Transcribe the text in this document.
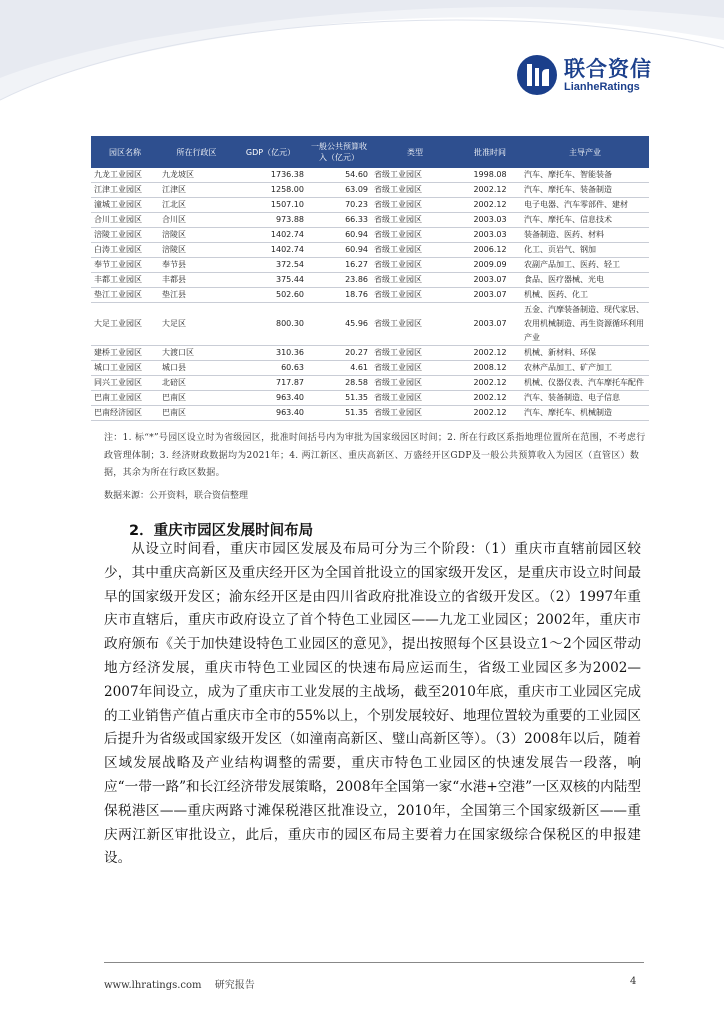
联合资信
LianheRatings
园区名称	所在行政区	GDP（亿元）	一般公共预算收入（亿元）	类型	批准时间	主导产业
九龙工业园区	九龙坡区	1736.38	54.60	省级工业园区	1998.08	汽车、摩托车、智能装备
江津工业园区	江津区	1258.00	63.09	省级工业园区	2002.12	汽车、摩托车、装备制造
潼城工业园区	江北区	1507.10	70.23	省级工业园区	2002.12	电子电器、汽车零部件、建材
合川工业园区	合川区	973.88	66.33	省级工业园区	2003.03	汽车、摩托车、信息技术
涪陵工业园区	涪陵区	1402.74	60.94	省级工业园区	2003.03	装备制造、医药、材料
白涛工业园区	涪陵区	1402.74	60.94	省级工业园区	2006.12	化工、页岩气、钢加
奉节工业园区	奉节县	372.54	16.27	省级工业园区	2009.09	农副产品加工、医药、轻工
丰都工业园区	丰都县	375.44	23.86	省级工业园区	2003.07	食品、医疗器械、光电
垫江工业园区	垫江县	502.60	18.76	省级工业园区	2003.07	机械、医药、化工
大足工业园区	大足区	800.30	45.96	省级工业园区	2003.07	五金、汽摩装备制造、现代家居、农用机械制造、再生资源循环利用产业
建桥工业园区	大渡口区	310.36	20.27	省级工业园区	2002.12	机械、新材料、环保
城口工业园区	城口县	60.63	4.61	省级工业园区	2008.12	农林产品加工、矿产加工
同兴工业园区	北碚区	717.87	28.58	省级工业园区	2002.12	机械、仪器仪表、汽车摩托车配件
巴南工业园区	巴南区	963.40	51.35	省级工业园区	2002.12	汽车、装备制造、电子信息
巴南经济园区	巴南区	963.40	51.35	省级工业园区	2002.12	汽车、摩托车、机械制造
注：1. 标“*”号园区设立时为省级园区，批准时间括号内为审批为国家级园区时间；2. 所在行政区系指地理位置所在范围，不考虑行政管理体制；3. 经济财政数据均为2021年；4. 两江新区、重庆高新区、万盛经开区GDP及一般公共预算收入为园区（直管区）数据，其余为所在行政区数据。
数据来源：公开资料，联合资信整理
2．重庆市园区发展时间布局
从设立时间看，重庆市园区发展及布局可分为三个阶段：（1）重庆市直辖前园区较少，其中重庆高新区及重庆经开区为全国首批设立的国家级开发区，是重庆市设立时间最早的国家级开发区；渝东经开区是由四川省政府批准设立的省级开发区。（2）1997年重庆市直辖后，重庆市政府设立了首个特色工业园区——九龙工业园区；2002年，重庆市政府颁布《关于加快建设特色工业园区的意见》，提出按照每个区县设立1～2个园区带动地方经济发展，重庆市特色工业园区的快速布局应运而生，省级工业园区多为2002—2007年间设立，成为了重庆市工业发展的主战场，截至2010年底，重庆市工业园区完成的工业销售产值占重庆市全市的55%以上，个别发展较好、地理位置较为重要的工业园区后提升为省级或国家级开发区（如潼南高新区、璧山高新区等）。（3）2008年以后，随着区域发展战略及产业结构调整的需要，重庆市特色工业园区的快速发展告一段落，响应“一带一路”和长江经济带发展策略，2008年全国第一家“水港+空港”一区双核的内陆型保税港区——重庆两路寸滩保税港区批准设立，2010年，全国第三个国家级新区——重庆两江新区审批设立，此后，重庆市的园区布局主要着力在国家级综合保税区的申报建设。
www.lhratings.com 研究报告	4
